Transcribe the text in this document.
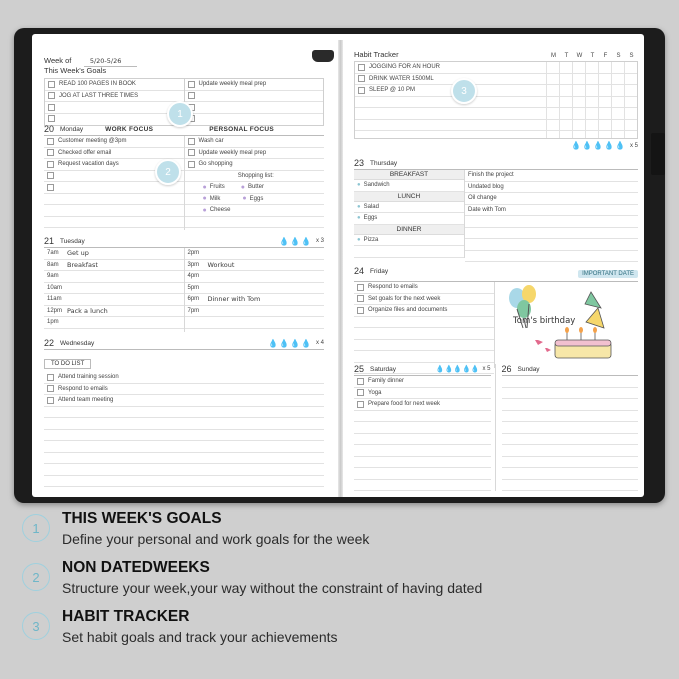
Week of	5/20-5/26
This Week's Goals
READ 100 PAGES IN BOOK
JOG AT LAST THREE TIMES
Update weekly meal prep
20 Monday	WORK FOCUS	PERSONAL FOCUS
Customer meeting @3pm
Checked offer email
Request vacation days
Wash car
Update weekly meal prep
Go shopping
Shopping list:
● Fruits ● Butter
● Milk	● Eggs
● Cheese
21 Tuesday	💧💧💧 x 3
7am	Get up
8am	Breakfast
9am
10am
11am
12pm Pack a lunch
1pm
2pm
3pm	Workout
4pm
5pm
6pm	Dinner with Tom
7pm
22 Wednesday	💧💧💧💧 x 4
TO DO LIST
Attend training session
Respond to emails
Attend team meeting
Habit Tracker	M	T	W	T	F	S	S
JOGGING FOR AN HOUR
DRINK WATER 1500ML
SLEEP @ 10 PM
💧💧💧💧💧 x 5
23 Thursday
BREAKFAST
● Sandwich
LUNCH
● Salad
● Eggs
DINNER
● Pizza
Finish the project
Undated blog
Oil change
Date with Tom
24 Friday	IMPORTANT DATE
Respond to emails
Set goals for the next week
Organize files and documents
Tom's birthday
25 Saturday	💧💧💧💧💧 x 5
Family dinner
Yoga
Prepare food for next week
26 Sunday
1
2
3
1
THIS WEEK'S GOALS
Define your personal and work goals for the week
2
NON DATEDWEEKS
Structure your week,your way without the constraint of having dated
3
HABIT TRACKER
Set habit goals and track your achievements
